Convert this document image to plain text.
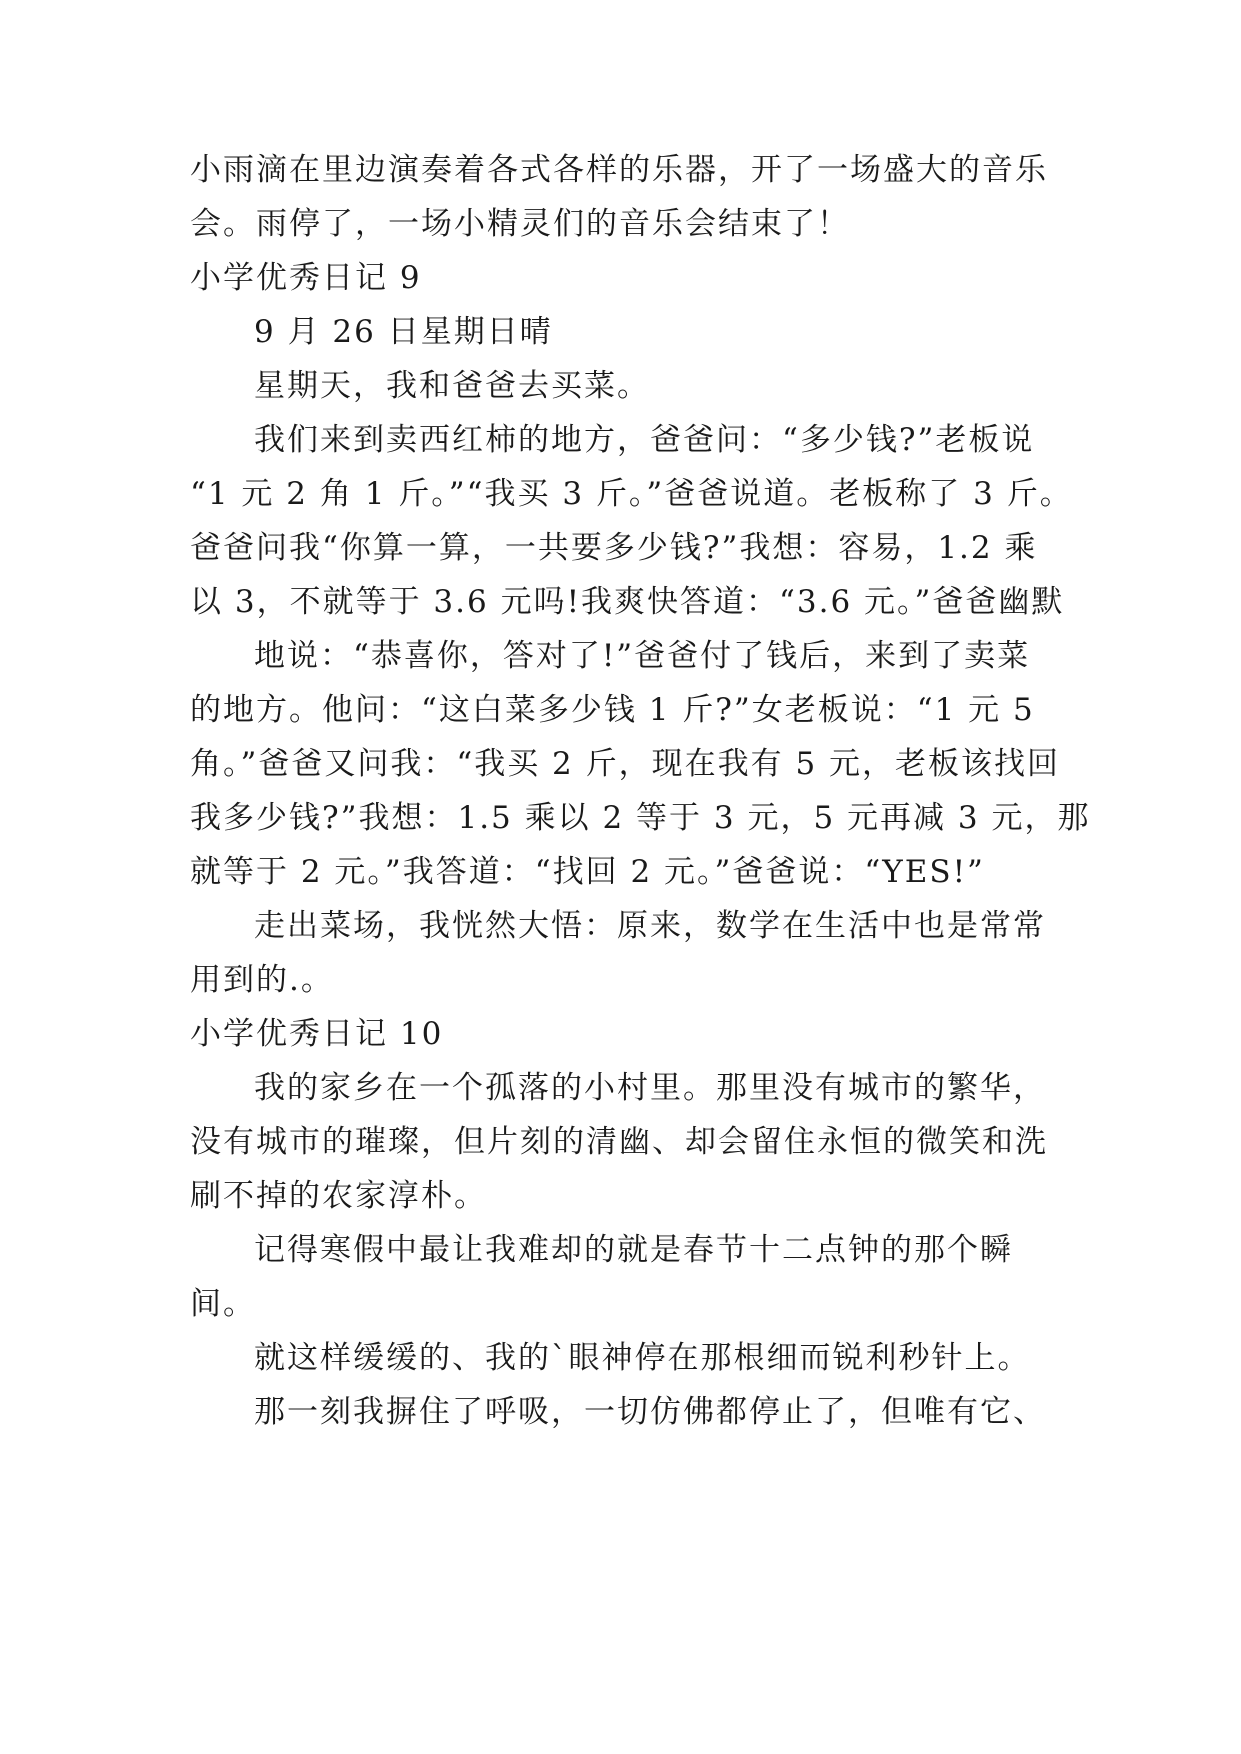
小雨滴在里边演奏着各式各样的乐器，开了一场盛大的音乐

会。雨停了，一场小精灵们的音乐会结束了！

小学优秀日记 9

9 月 26 日星期日晴

星期天，我和爸爸去买菜。

我们来到卖西红柿的地方，爸爸问：“多少钱?”老板说

“1 元 2 角 1 斤。”“我买 3 斤。”爸爸说道。老板称了 3 斤。

爸爸问我“你算一算，一共要多少钱?”我想：容易，1.2 乘

以 3，不就等于 3.6 元吗!我爽快答道：“3.6 元。”爸爸幽默

地说：“恭喜你，答对了!”爸爸付了钱后，来到了卖菜

的地方。他问：“这白菜多少钱 1 斤?”女老板说：“1 元 5

角。”爸爸又问我：“我买 2 斤，现在我有 5 元，老板该找回

我多少钱?”我想：1.5 乘以 2 等于 3 元，5 元再减 3 元，那

就等于 2 元。”我答道：“找回 2 元。”爸爸说：“YES!”

走出菜场，我恍然大悟：原来，数学在生活中也是常常

用到的.。

小学优秀日记 10

我的家乡在一个孤落的小村里。那里没有城市的繁华，

没有城市的璀璨，但片刻的清幽、却会留住永恒的微笑和洗

刷不掉的农家淳朴。

记得寒假中最让我难却的就是春节十二点钟的那个瞬

间。

就这样缓缓的、我的`眼神停在那根细而锐利秒针上。

那一刻我摒住了呼吸，一切仿佛都停止了，但唯有它、
